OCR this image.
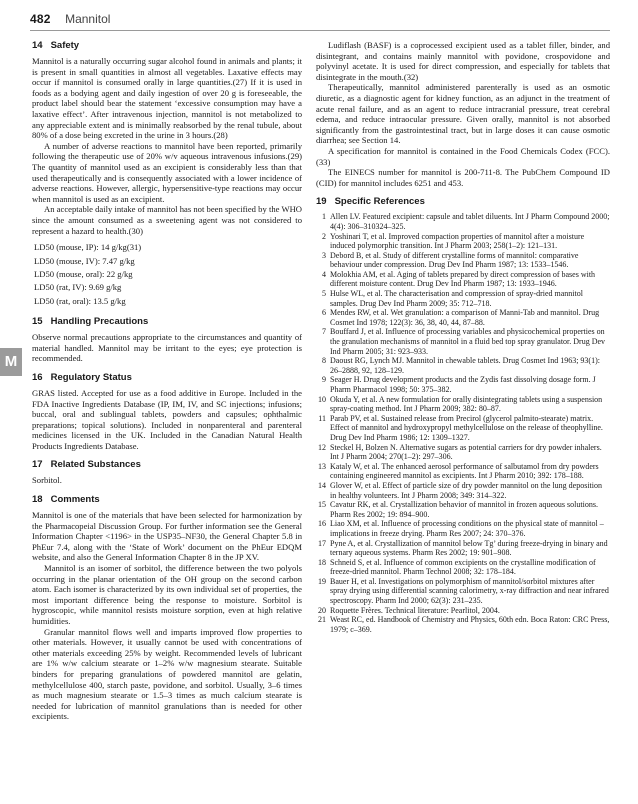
482 Mannitol
M
14 Safety

Mannitol is a naturally occurring sugar alcohol found in animals and plants; it is present in small quantities in almost all vegetables. Laxative effects may occur if mannitol is consumed orally in large quantities.(27) If it is used in foods as a bodying agent and daily ingestion of over 20 g is foreseeable, the product label should bear the statement ‘excessive consumption may have a laxative effect’. After intravenous injection, mannitol is not metabolized to any appreciable extent and is minimally reabsorbed by the renal tubule, about 80% of a dose being excreted in the urine in 3 hours.(28)

A number of adverse reactions to mannitol have been reported, primarily following the therapeutic use of 20% w/v aqueous intravenous infusions.(29) The quantity of mannitol used as an excipient is considerably less than that used therapeutically and is consequently associated with a lower incidence of adverse reactions. However, allergic, hypersensitive-type reactions may occur when mannitol is used as an excipient.

An acceptable daily intake of mannitol has not been specified by the WHO since the amount consumed as a sweetening agent was not considered to represent a hazard to health.(30)

LD50 (mouse, IP): 14 g/kg(31)
LD50 (mouse, IV): 7.47 g/kg
LD50 (mouse, oral): 22 g/kg
LD50 (rat, IV): 9.69 g/kg
LD50 (rat, oral): 13.5 g/kg
15 Handling Precautions

Observe normal precautions appropriate to the circumstances and quantity of material handled. Mannitol may be irritant to the eyes; eye protection is recommended.

16 Regulatory Status

GRAS listed. Accepted for use as a food additive in Europe. Included in the FDA Inactive Ingredients Database (IP, IM, IV, and SC injections; infusions; buccal, oral and sublingual tablets, powders and capsules; ophthalmic preparations; topical solutions). Included in nonparenteral and parenteral medicines licensed in the UK. Included in the Canadian Natural Health Products Ingredients Database.

17 Related Substances

Sorbitol.

18 Comments

Mannitol is one of the materials that have been selected for harmonization by the Pharmacopeial Discussion Group. For further information see the General Information Chapter <1196> in the USP35–NF30, the General Chapter 5.8 in PhEur 7.4, along with the ‘State of Work’ document on the PhEur EDQM website, and also the General Information Chapter 8 in the JP XV.

Mannitol is an isomer of sorbitol, the difference between the two polyols occurring in the planar orientation of the OH group on the second carbon atom. Each isomer is characterized by its own individual set of properties, the most important difference being the response to moisture. Sorbitol is hygroscopic, while mannitol resists moisture sorption, even at high relative humidities.

Granular mannitol flows well and imparts improved flow properties to other materials. However, it usually cannot be used with concentrations of other materials exceeding 25% by weight. Recommended levels of lubricant are 1% w/w calcium stearate or 1–2% w/w magnesium stearate. Suitable binders for preparing granulations of powdered mannitol are gelatin, methylcellulose 400, starch paste, povidone, and sorbitol. Usually, 3–6 times as much magnesium stearate or 1.5–3 times as much calcium stearate is needed for lubrication of mannitol granulations than is needed for other excipients.

Ludiflash (BASF) is a coprocessed excipient used as a tablet filler, binder, and disintegrant, and contains mainly mannitol with povidone, crospovidone and polyvinyl acetate. It is used for direct compression, and especially for tablets that disintegrate in the mouth.(32)

Therapeutically, mannitol administered parenterally is used as an osmotic diuretic, as a diagnostic agent for kidney function, as an adjunct in the treatment of acute renal failure, and as an agent to reduce intracranial pressure, treat cerebral edema, and reduce intraocular pressure. Given orally, mannitol is not absorbed significantly from the gastrointestinal tract, but in large doses it can cause osmotic diarrhea; see Section 14.

A specification for mannitol is contained in the Food Chemicals Codex (FCC).(33)

The EINECS number for mannitol is 200-711-8. The PubChem Compound ID (CID) for mannitol includes 6251 and 453.

19 Specific References
1 Allen LV. Featured excipient: capsule and tablet diluents. Int J Pharm Compound 2000; 4(4): 306–310324–325.
2 Yoshinari T, et al. Improved compaction properties of mannitol after a moisture induced polymorphic transition. Int J Pharm 2003; 258(1–2): 121–131.
3 Debord B, et al. Study of different crystalline forms of mannitol: comparative behaviour under compression. Drug Dev Ind Pharm 1987; 13: 1533–1546.
4 Molokhia AM, et al. Aging of tablets prepared by direct compression of bases with different moisture content. Drug Dev Ind Pharm 1987; 13: 1933–1946.
5 Hulse WL, et al. The characterisation and compression of spray-dried mannitol samples. Drug Dev Ind Pharm 2009; 35: 712–718.
6 Mendes RW, et al. Wet granulation: a comparison of Manni-Tab and mannitol. Drug Cosmet Ind 1978; 122(3): 36, 38, 40, 44, 87–88.
7 Bouffard J, et al. Influence of processing variables and physicochemical properties on the granulation mechanisms of mannitol in a fluid bed top spray granulator. Drug Dev Ind Pharm 2005; 31: 923–933.
8 Daoust RG, Lynch MJ. Mannitol in chewable tablets. Drug Cosmet Ind 1963; 93(1): 26–2888, 92, 128–129.
9 Seager H. Drug development products and the Zydis fast dissolving dosage form. J Pharm Pharmacol 1998; 50: 375–382.
10 Okuda Y, et al. A new formulation for orally disintegrating tablets using a suspension spray-coating method. Int J Pharm 2009; 382: 80–87.
11 Parab PV, et al. Sustained release from Precirol (glycerol palmito-stearate) matrix. Effect of mannitol and hydroxypropyl methylcellulose on the release of theophylline. Drug Dev Ind Pharm 1986; 12: 1309–1327.
12 Steckel H, Bolzen N. Alternative sugars as potential carriers for dry powder inhalers. Int J Pharm 2004; 270(1–2): 297–306.
13 Kataly W, et al. The enhanced aerosol performance of salbutamol from dry powders containing engineered mannitol as excipients. Int J Pharm 2010; 392: 178–188.
14 Glover W, et al. Effect of particle size of dry powder mannitol on the lung deposition in healthy volunteers. Int J Pharm 2008; 349: 314–322.
15 Cavatur RK, et al. Crystallization behavior of mannitol in frozen aqueous solutions. Pharm Res 2002; 19: 894–900.
16 Liao XM, et al. Influence of processing conditions on the physical state of mannitol – implications in freeze drying. Pharm Res 2007; 24: 370–376.
17 Pyne A, et al. Crystallization of mannitol below Tg’ during freeze-drying in binary and ternary aqueous systems. Pharm Res 2002; 19: 901–908.
18 Schneid S, et al. Influence of common excipients on the crystalline modification of freeze-dried mannitol. Pharm Technol 2008; 32: 178–184.
19 Bauer H, et al. Investigations on polymorphism of mannitol/sorbitol mixtures after spray drying using differential scanning calorimetry, x-ray diffraction and near infrared spectroscopy. Pharm Ind 2000; 62(3): 231–235.
20 Roquette Frères. Technical literature: Pearlitol, 2004.
21 Weast RC, ed. Handbook of Chemistry and Physics, 60th edn. Boca Raton: CRC Press, 1979; c–369.
